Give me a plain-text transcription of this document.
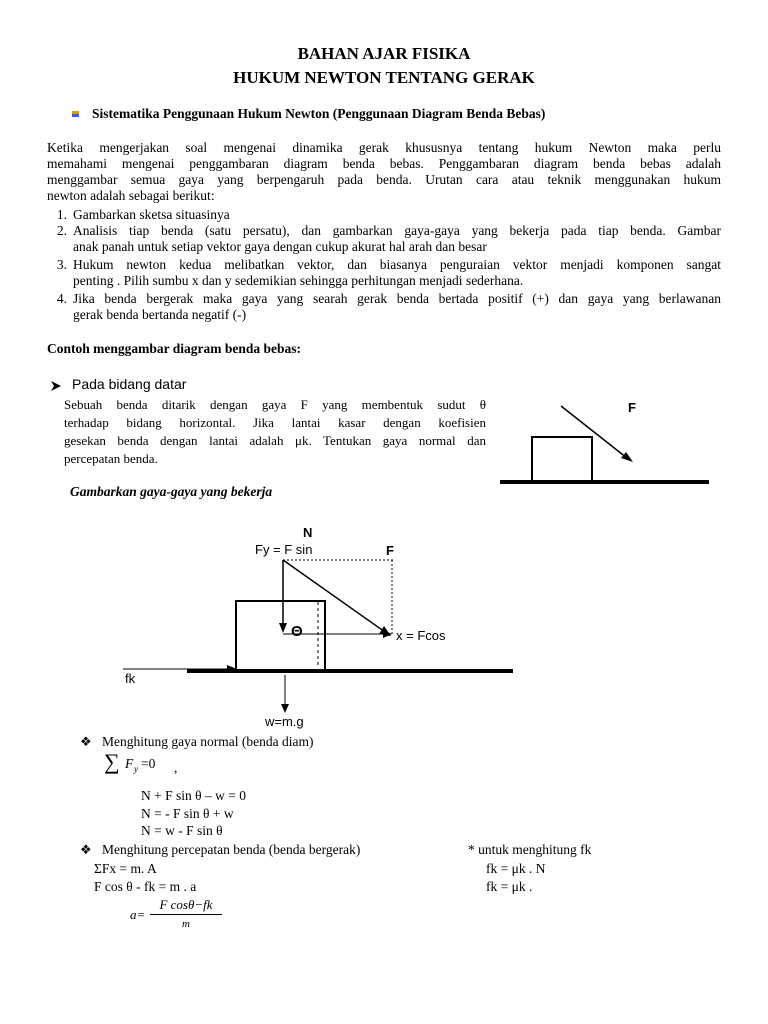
BAHAN AJAR FISIKA
HUKUM NEWTON TENTANG GERAK
Sistematika Penggunaan Hukum Newton (Penggunaan Diagram Benda Bebas)
Ketika mengerjakan soal mengenai dinamika gerak khususnya tentang hukum Newton maka perlu
memahami mengenai penggambaran diagram benda bebas. Penggambaran diagram benda bebas adalah
menggambar semua gaya yang berpengaruh pada benda. Urutan cara atau teknik menggunakan hukum
newton adalah sebagai berikut:
1. Gambarkan sketsa situasinya
2. Analisis tiap benda (satu persatu), dan gambarkan gaya-gaya yang bekerja pada tiap benda. Gambar
anak panah untuk setiap vektor gaya dengan cukup akurat hal arah dan besar
3. Hukum newton kedua melibatkan vektor, dan biasanya penguraian vektor menjadi komponen sangat
penting . Pilih sumbu x dan y sedemikian sehingga perhitungan menjadi sederhana.
4. Jika benda bergerak maka gaya yang searah gerak benda bertada positif (+) dan gaya yang berlawanan
gerak benda bertanda negatif (-)
Contoh menggambar diagram benda bebas:
Pada bidang datar
Sebuah benda ditarik dengan gaya F yang membentuk sudut θ
terhadap bidang horizontal. Jika lantai kasar dengan koefisien
gesekan benda dengan lantai adalah μk. Tentukan gaya normal dan
percepatan benda.
F
Gambarkan gaya-gaya yang bekerja
N
Fy = F sin	F
Θ	x = Fcos
fk
w=m.g
❖ Menghitung gaya normal (benda diam)
∑ F y =0 ,
N + F sin θ – w = 0
N = - F sin θ + w
N = w - F sin θ
❖ Menghitung percepatan benda (benda bergerak)
ΣFx = m. A
F cos θ - fk = m . a
a=
F cosθ−fk
m
* untuk menghitung fk
fk = μk . N
fk = μk .
